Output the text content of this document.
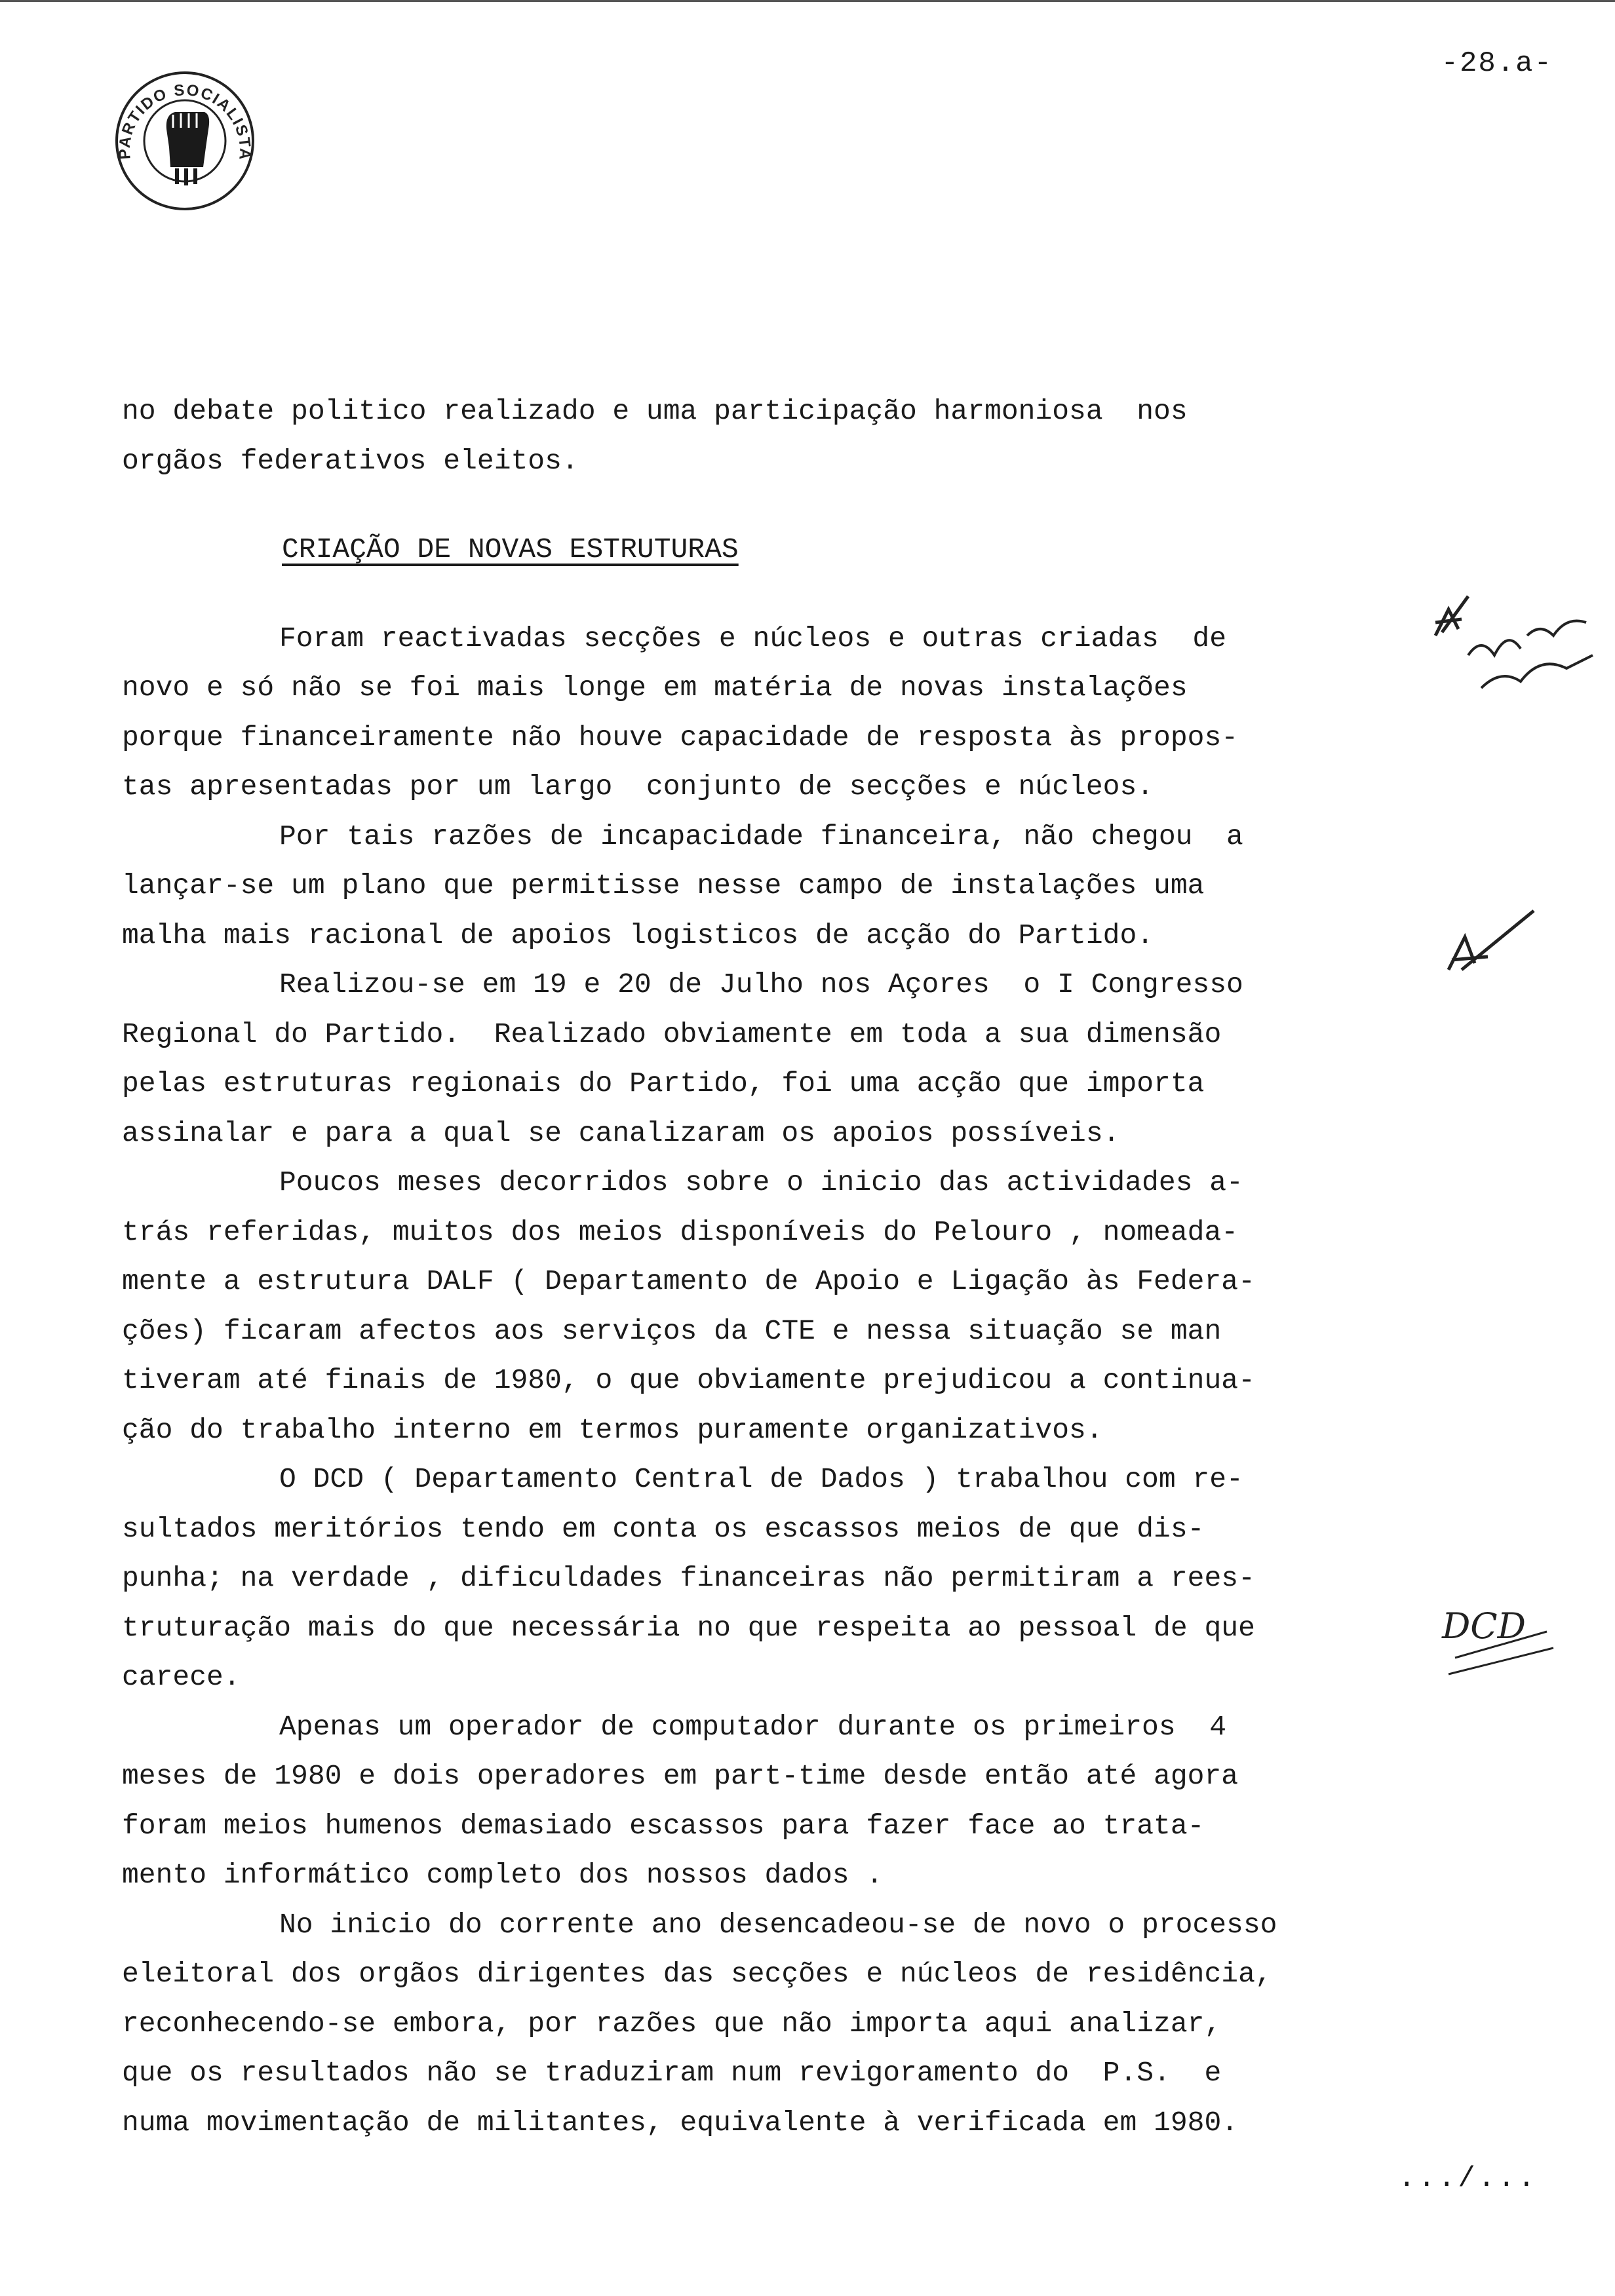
-28.a-
PARTIDO SOCIALISTA
no debate politico realizado e uma participação harmoniosa  nos
orgãos federativos eleitos.
CRIAÇÃO DE NOVAS ESTRUTURAS
Foram reactivadas secções e núcleos e outras criadas  de
novo e só não se foi mais longe em matéria de novas instalações
porque financeiramente não houve capacidade de resposta às propos-
tas apresentadas por um largo  conjunto de secções e núcleos.
Por tais razões de incapacidade financeira, não chegou  a
lançar-se um plano que permitisse nesse campo de instalações uma
malha mais racional de apoios logisticos de acção do Partido.
Realizou-se em 19 e 20 de Julho nos Açores  o I Congresso
Regional do Partido.  Realizado obviamente em toda a sua dimensão
pelas estruturas regionais do Partido, foi uma acção que importa
assinalar e para a qual se canalizaram os apoios possíveis.
Poucos meses decorridos sobre o inicio das actividades a-
trás referidas, muitos dos meios disponíveis do Pelouro , nomeada-
mente a estrutura DALF ( Departamento de Apoio e Ligação às Federa-
ções) ficaram afectos aos serviços da CTE e nessa situação se man
tiveram até finais de 1980, o que obviamente prejudicou a continua-
ção do trabalho interno em termos puramente organizativos.
O DCD ( Departamento Central de Dados ) trabalhou com re-
sultados meritórios tendo em conta os escassos meios de que dis-
punha; na verdade , dificuldades financeiras não permitiram a rees-
truturação mais do que necessária no que respeita ao pessoal de que
carece.
Apenas um operador de computador durante os primeiros  4
meses de 1980 e dois operadores em part-time desde então até agora
foram meios humenos demasiado escassos para fazer face ao trata-
mento informático completo dos nossos dados .
No inicio do corrente ano desencadeou-se de novo o processo
eleitoral dos orgãos dirigentes das secções e núcleos de residência,
reconhecendo-se embora, por razões que não importa aqui analizar,
que os resultados não se traduziram num revigoramento do  P.S.  e
numa movimentação de militantes, equivalente à verificada em 1980.
DCD
.../...
